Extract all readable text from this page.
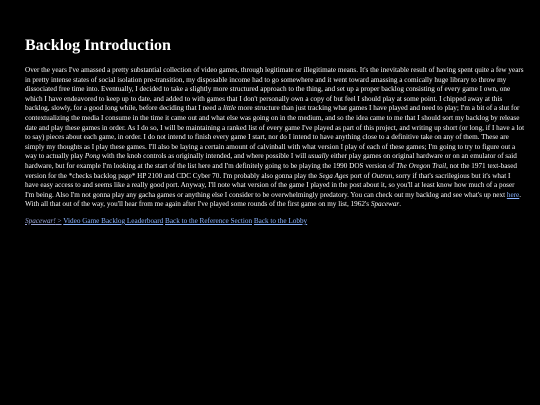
Backlog Introduction

Over the years I've amassed a pretty substantial collection of video games, through legitimate or illegitimate means. It's the inevitable result of having spent quite a few years in pretty intense states of social isolation pre-transition, my disposable income had to go somewhere and it went toward amassing a comically huge library to throw my dissociated free time into. Eventually, I decided to take a slightly more structured approach to the thing, and set up a proper backlog consisting of every game I own, one which I have endeavored to keep up to date, and added to with games that I don't personally own a copy of but feel I should play at some point. I chipped away at this backlog, slowly, for a good long while, before deciding that I need a little more structure than just tracking what games I have played and need to play; I'm a bit of a slut for contextualizing the media I consume in the time it came out and what else was going on in the medium, and so the idea came to me that I should sort my backlog by release date and play these games in order. As I do so, I will be maintaining a ranked list of every game I've played as part of this project, and writing up short (or long, if I have a lot to say) pieces about each game, in order. I do not intend to finish every game I start, nor do I intend to have anything close to a definitive take on any of them. These are simply my thoughts as I play these games. I'll also be laying a certain amount of calvinball with what version I play of each of these games; I'm going to try to figure out a way to actually play Pong with the knob controls as originally intended, and where possible I will usually either play games on original hardware or on an emulator of said hardware, but for example I'm looking at the start of the list here and I'm definitely going to be playing the 1990 DOS version of The Oregon Trail, not the 1971 text-based version for the *checks backlog page* HP 2100 and CDC Cyber 70. I'm probably also gonna play the Sega Ages port of Outrun, sorry if that's sacrilegious but it's what I have easy access to and seems like a really good port. Anyway, I'll note what version of the game I played in the post about it, so you'll at least know how much of a poser I'm being. Also I'm not gonna play any gacha games or anything else I consider to be overwhelmingly predatory. You can check out my backlog and see what's up next here. With all that out of the way, you'll hear from me again after I've played some rounds of the first game on my list, 1962's Spacewar.

Spacewar! > Video Game Backlog Leaderboard Back to the Reference Section Back to the Lobby
